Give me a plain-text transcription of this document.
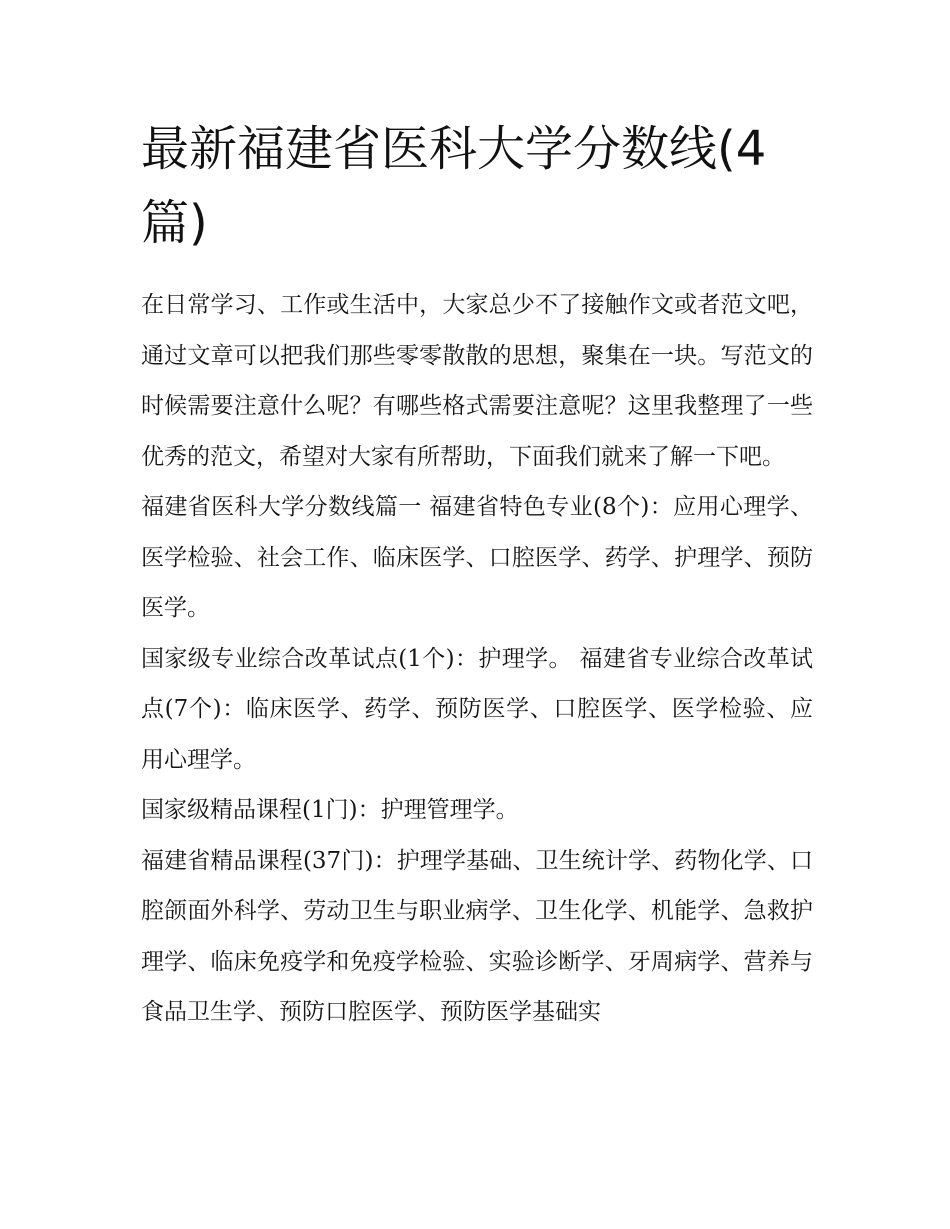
最新福建省医科大学分数线(4篇)

在日常学习、工作或生活中，大家总少不了接触作文或者范文吧，通过文章可以把我们那些零零散散的思想，聚集在一块。写范文的时候需要注意什么呢？有哪些格式需要注意呢？这里我整理了一些优秀的范文，希望对大家有所帮助，下面我们就来了解一下吧。

福建省医科大学分数线篇一 福建省特色专业(8个)：应用心理学、医学检验、社会工作、临床医学、口腔医学、药学、护理学、预防医学。

国家级专业综合改革试点(1个)：护理学。 福建省专业综合改革试点(7个)：临床医学、药学、预防医学、口腔医学、医学检验、应用心理学。

国家级精品课程(1门)：护理管理学。

福建省精品课程(37门)：护理学基础、卫生统计学、药物化学、口腔颌面外科学、劳动卫生与职业病学、卫生化学、机能学、急救护理学、临床免疫学和免疫学检验、实验诊断学、牙周病学、营养与食品卫生学、预防口腔医学、预防医学基础实
